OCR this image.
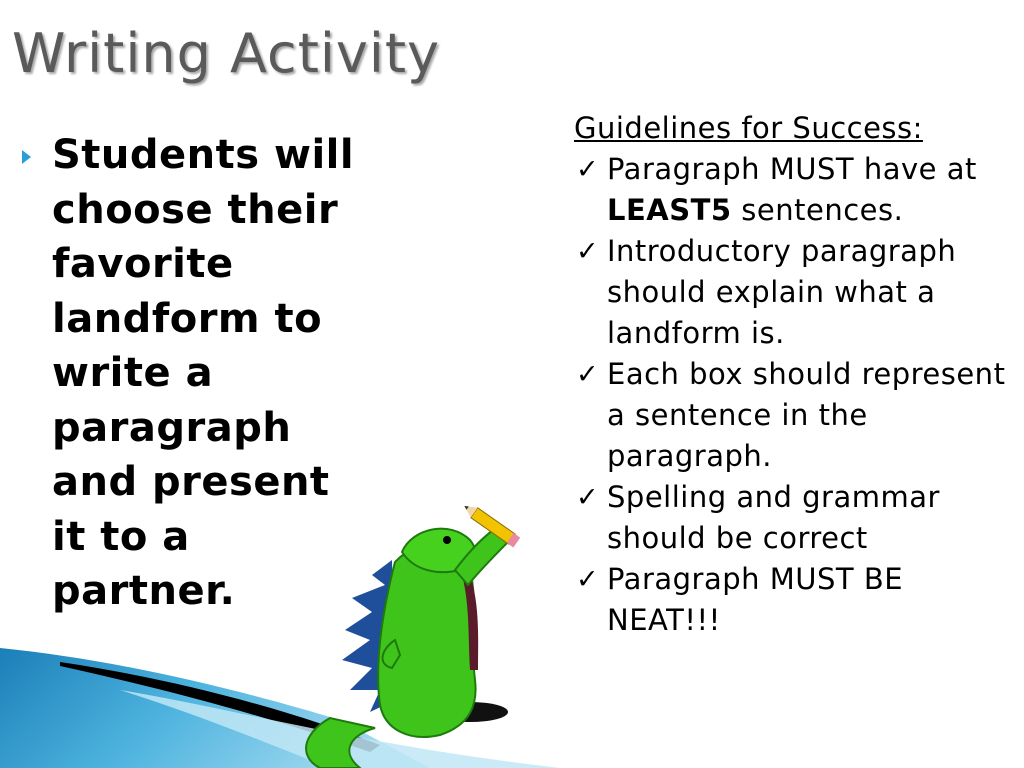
Writing Activity

Students will choose their favorite landform to write a paragraph and present it to a partner.

Guidelines for Success:
✓ Paragraph MUST have at LEAST5 sentences.
✓ Introductory paragraph should explain what a landform is.
✓ Each box should represent a sentence in the paragraph.
✓ Spelling and grammar should be correct
✓ Paragraph MUST BE NEAT!!!
